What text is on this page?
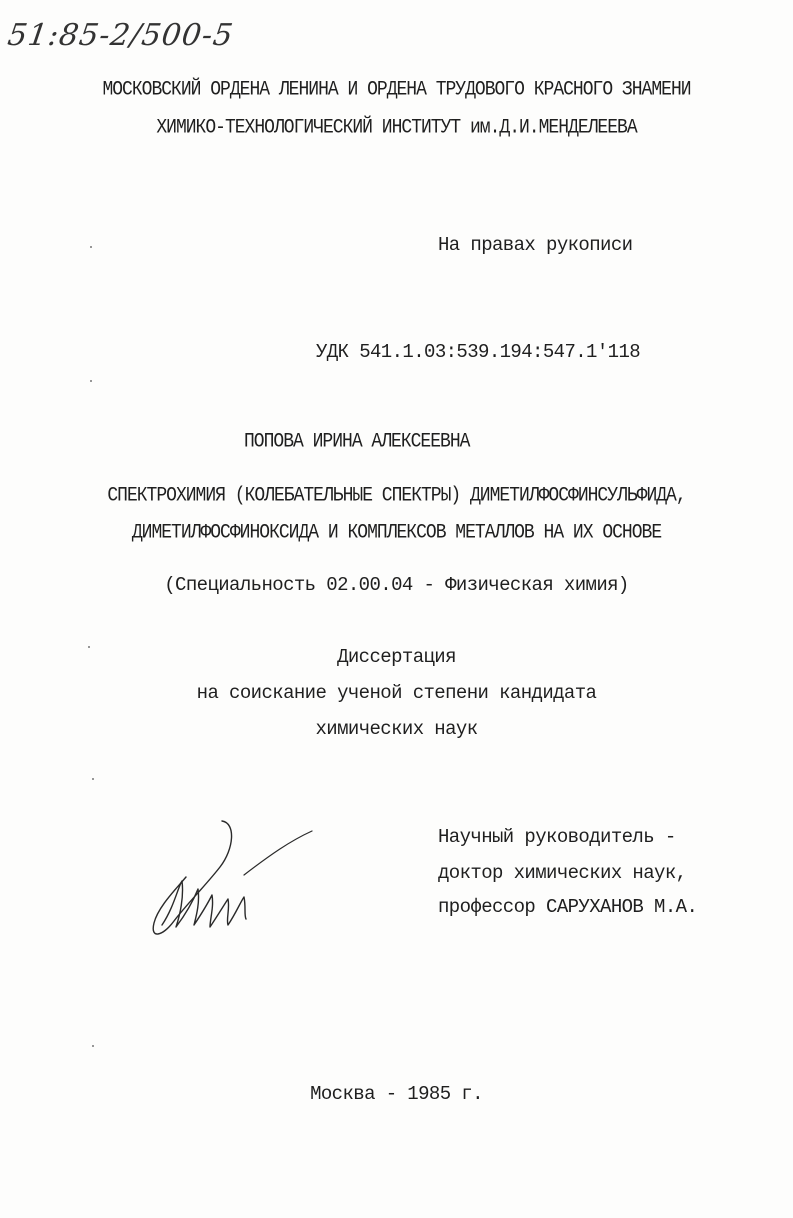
51:85-2/500-5
МОСКОВСКИЙ ОРДЕНА ЛЕНИНА И ОРДЕНА ТРУДОВОГО КРАСНОГО ЗНАМЕНИ
ХИМИКО-ТЕХНОЛОГИЧЕСКИЙ ИНСТИТУТ им.Д.И.МЕНДЕЛЕЕВА
На правах рукописи
УДК 541.1.03:539.194:547.1'118
ПОПОВА ИРИНА АЛЕКСЕЕВНА
СПЕКТРОХИМИЯ (КОЛЕБАТЕЛЬНЫЕ СПЕКТРЫ) ДИМЕТИЛФОСФИНСУЛЬФИДА,
ДИМЕТИЛФОСФИНОКСИДА И КОМПЛЕКСОВ МЕТАЛЛОВ НА ИХ ОСНОВЕ
(Специальность 02.00.04 - Физическая химия)
Диссертация
на соискание ученой степени кандидата
химических наук
Научный руководитель -
доктор химических наук,
профессор САРУХАНОВ М.А.
Москва - 1985 г.
